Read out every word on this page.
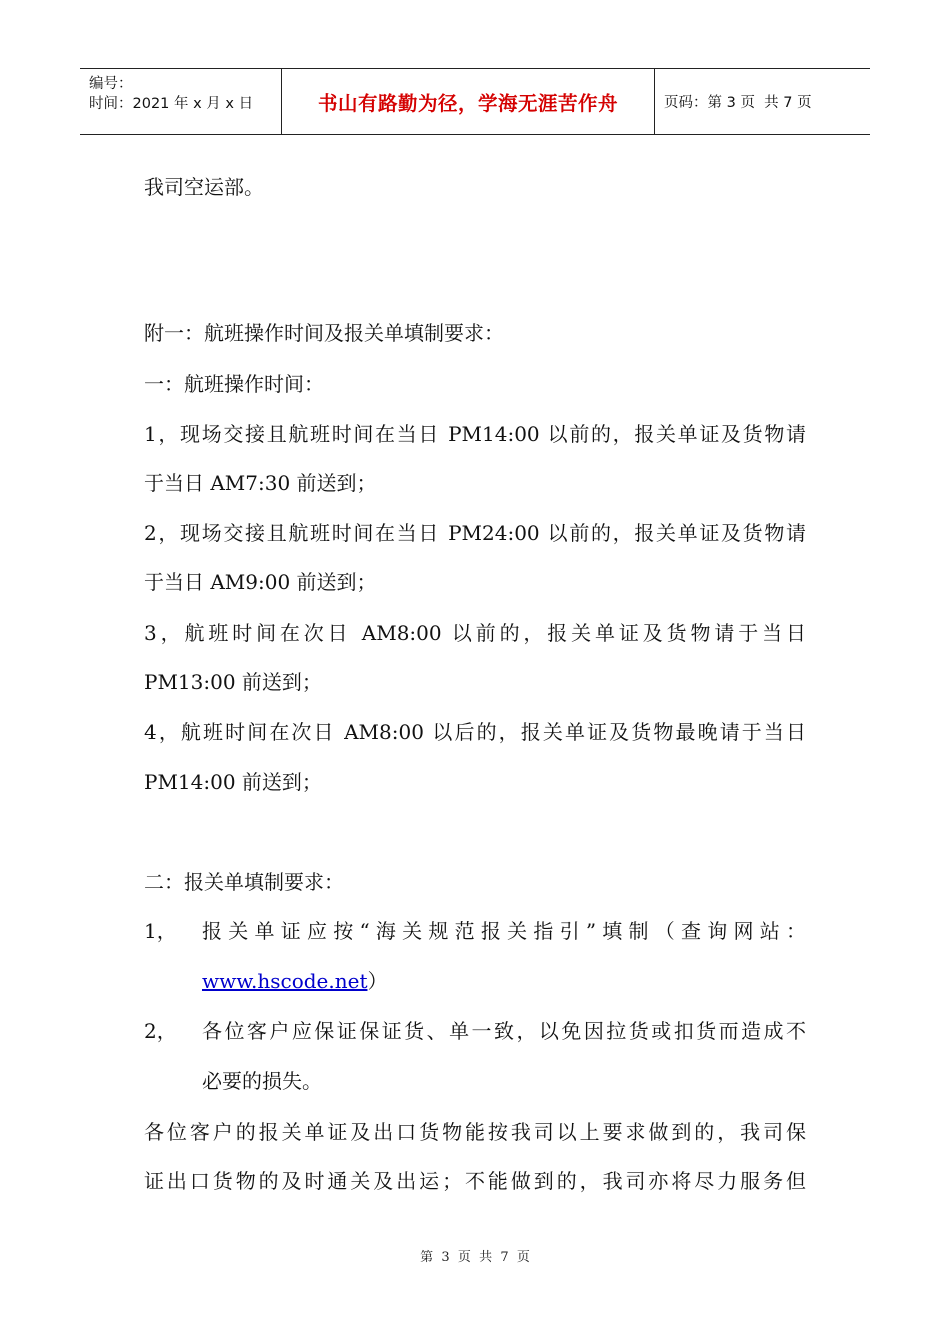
编号：
时间：2021 年 x 月 x 日	书山有路勤为径，学海无涯苦作舟	页码：第 3 页  共 7 页
我司空运部。
附一：航班操作时间及报关单填制要求：
一：航班操作时间：
1，现场交接且航班时间在当日 PM14:00 以前的，报关单证及货物请
于当日 AM7:30 前送到；
2，现场交接且航班时间在当日 PM24:00 以前的，报关单证及货物请
于当日 AM9:00 前送到；
3，航班时间在次日 AM8:00 以前的，报关单证及货物请于当日
PM13:00 前送到；
4，航班时间在次日 AM8:00 以后的，报关单证及货物最晚请于当日
PM14:00 前送到；
二：报关单填制要求：
1， 报关单证应按“海关规范报关指引”填制（查询网站：
www.hscode.net）
2， 各位客户应保证保证货、单一致，以免因拉货或扣货而造成不
必要的损失。
各位客户的报关单证及出口货物能按我司以上要求做到的，我司保
证出口货物的及时通关及出运；不能做到的，我司亦将尽力服务但
第  3  页  共  7  页
